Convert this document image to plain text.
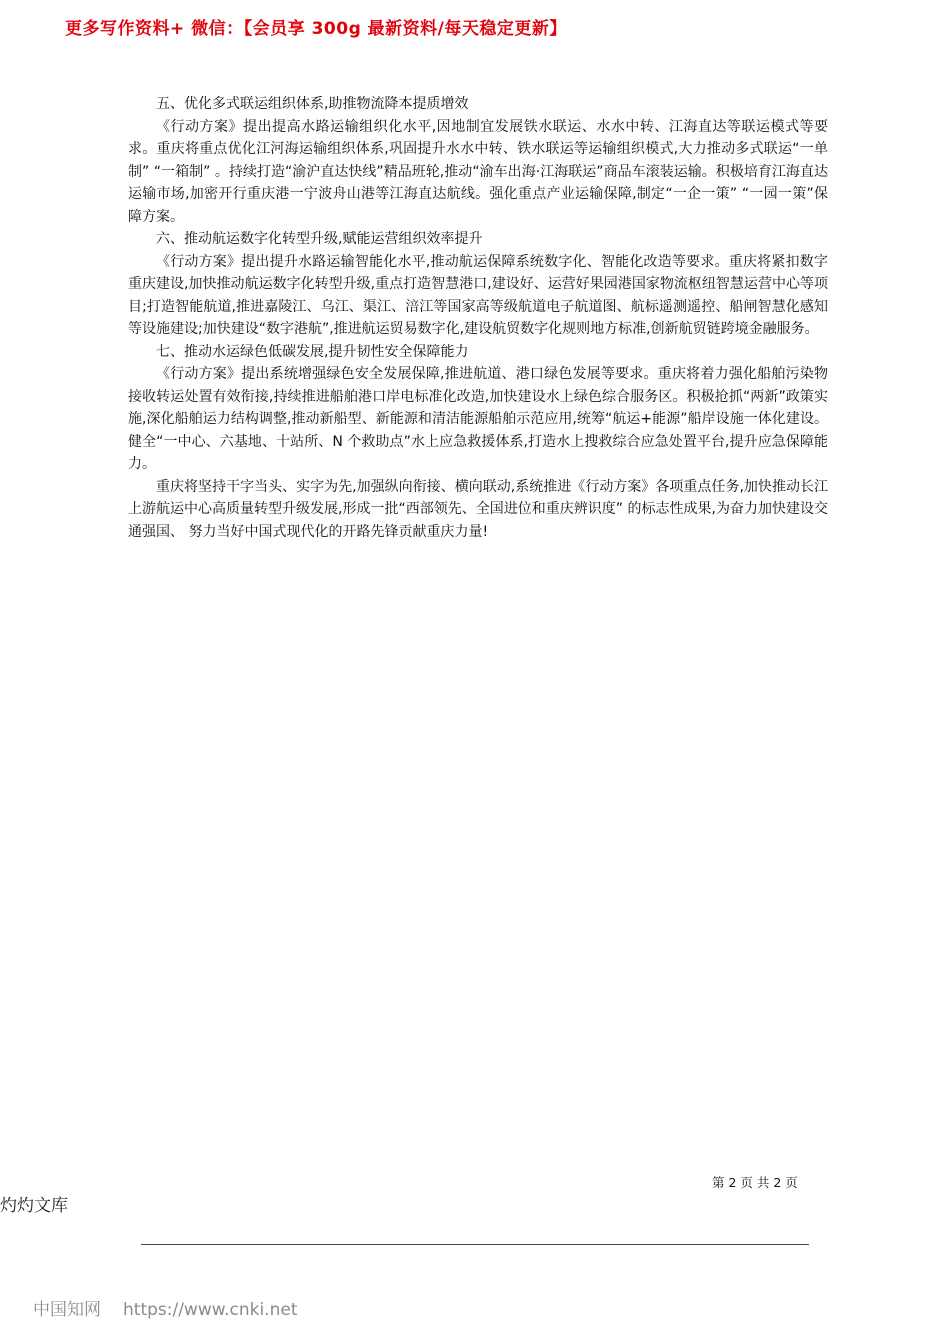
更多写作资料+ 微信：【会员享 300g 最新资料/每天稳定更新】

五、优化多式联运组织体系,助推物流降本提质增效

《行动方案》提出提高水路运输组织化水平,因地制宜发展铁水联运、水水中转、江海直达等联运模式等要求。重庆将重点优化江河海运输组织体系,巩固提升水水中转、铁水联运等运输组织模式,大力推动多式联运“一单制” “一箱制” 。持续打造“渝沪直达快线”精品班轮,推动“渝车出海·江海联运”商品车滚装运输。积极培育江海直达运输市场,加密开行重庆港一宁波舟山港等江海直达航线。强化重点产业运输保障,制定“一企一策” “一园一策”保障方案。

六、推动航运数字化转型升级,赋能运营组织效率提升

《行动方案》提出提升水路运输智能化水平,推动航运保障系统数字化、智能化改造等要求。重庆将紧扣数字重庆建设,加快推动航运数字化转型升级,重点打造智慧港口,建设好、运营好果园港国家物流枢纽智慧运营中心等项目;打造智能航道,推进嘉陵江、乌江、渠江、涪江等国家高等级航道电子航道图、航标遥测遥控、船闸智慧化感知等设施建设;加快建设“数字港航”,推进航运贸易数字化,建设航贸数字化规则地方标准,创新航贸链跨境金融服务。

七、推动水运绿色低碳发展,提升韧性安全保障能力

《行动方案》提出系统增强绿色安全发展保障,推进航道、港口绿色发展等要求。重庆将着力强化船舶污染物接收转运处置有效衔接,持续推进船舶港口岸电标准化改造,加快建设水上绿色综合服务区。积极抢抓“两新”政策实施,深化船舶运力结构调整,推动新船型、新能源和清洁能源船舶示范应用,统筹“航运+能源”船岸设施一体化建设。健全“一中心、六基地、十站所、N 个救助点”水上应急救援体系,打造水上搜救综合应急处置平台,提升应急保障能力。

重庆将坚持干字当头、实字为先,加强纵向衔接、横向联动,系统推进《行动方案》各项重点任务,加快推动长江上游航运中心高质量转型升级发展,形成一批“西部领先、全国进位和重庆辨识度” 的标志性成果,为奋力加快建设交通强国、 努力当好中国式现代化的开路先锋贡献重庆力量!

第 2 页 共 2 页
灼灼文库
中国知网 https://www.cnki.net
